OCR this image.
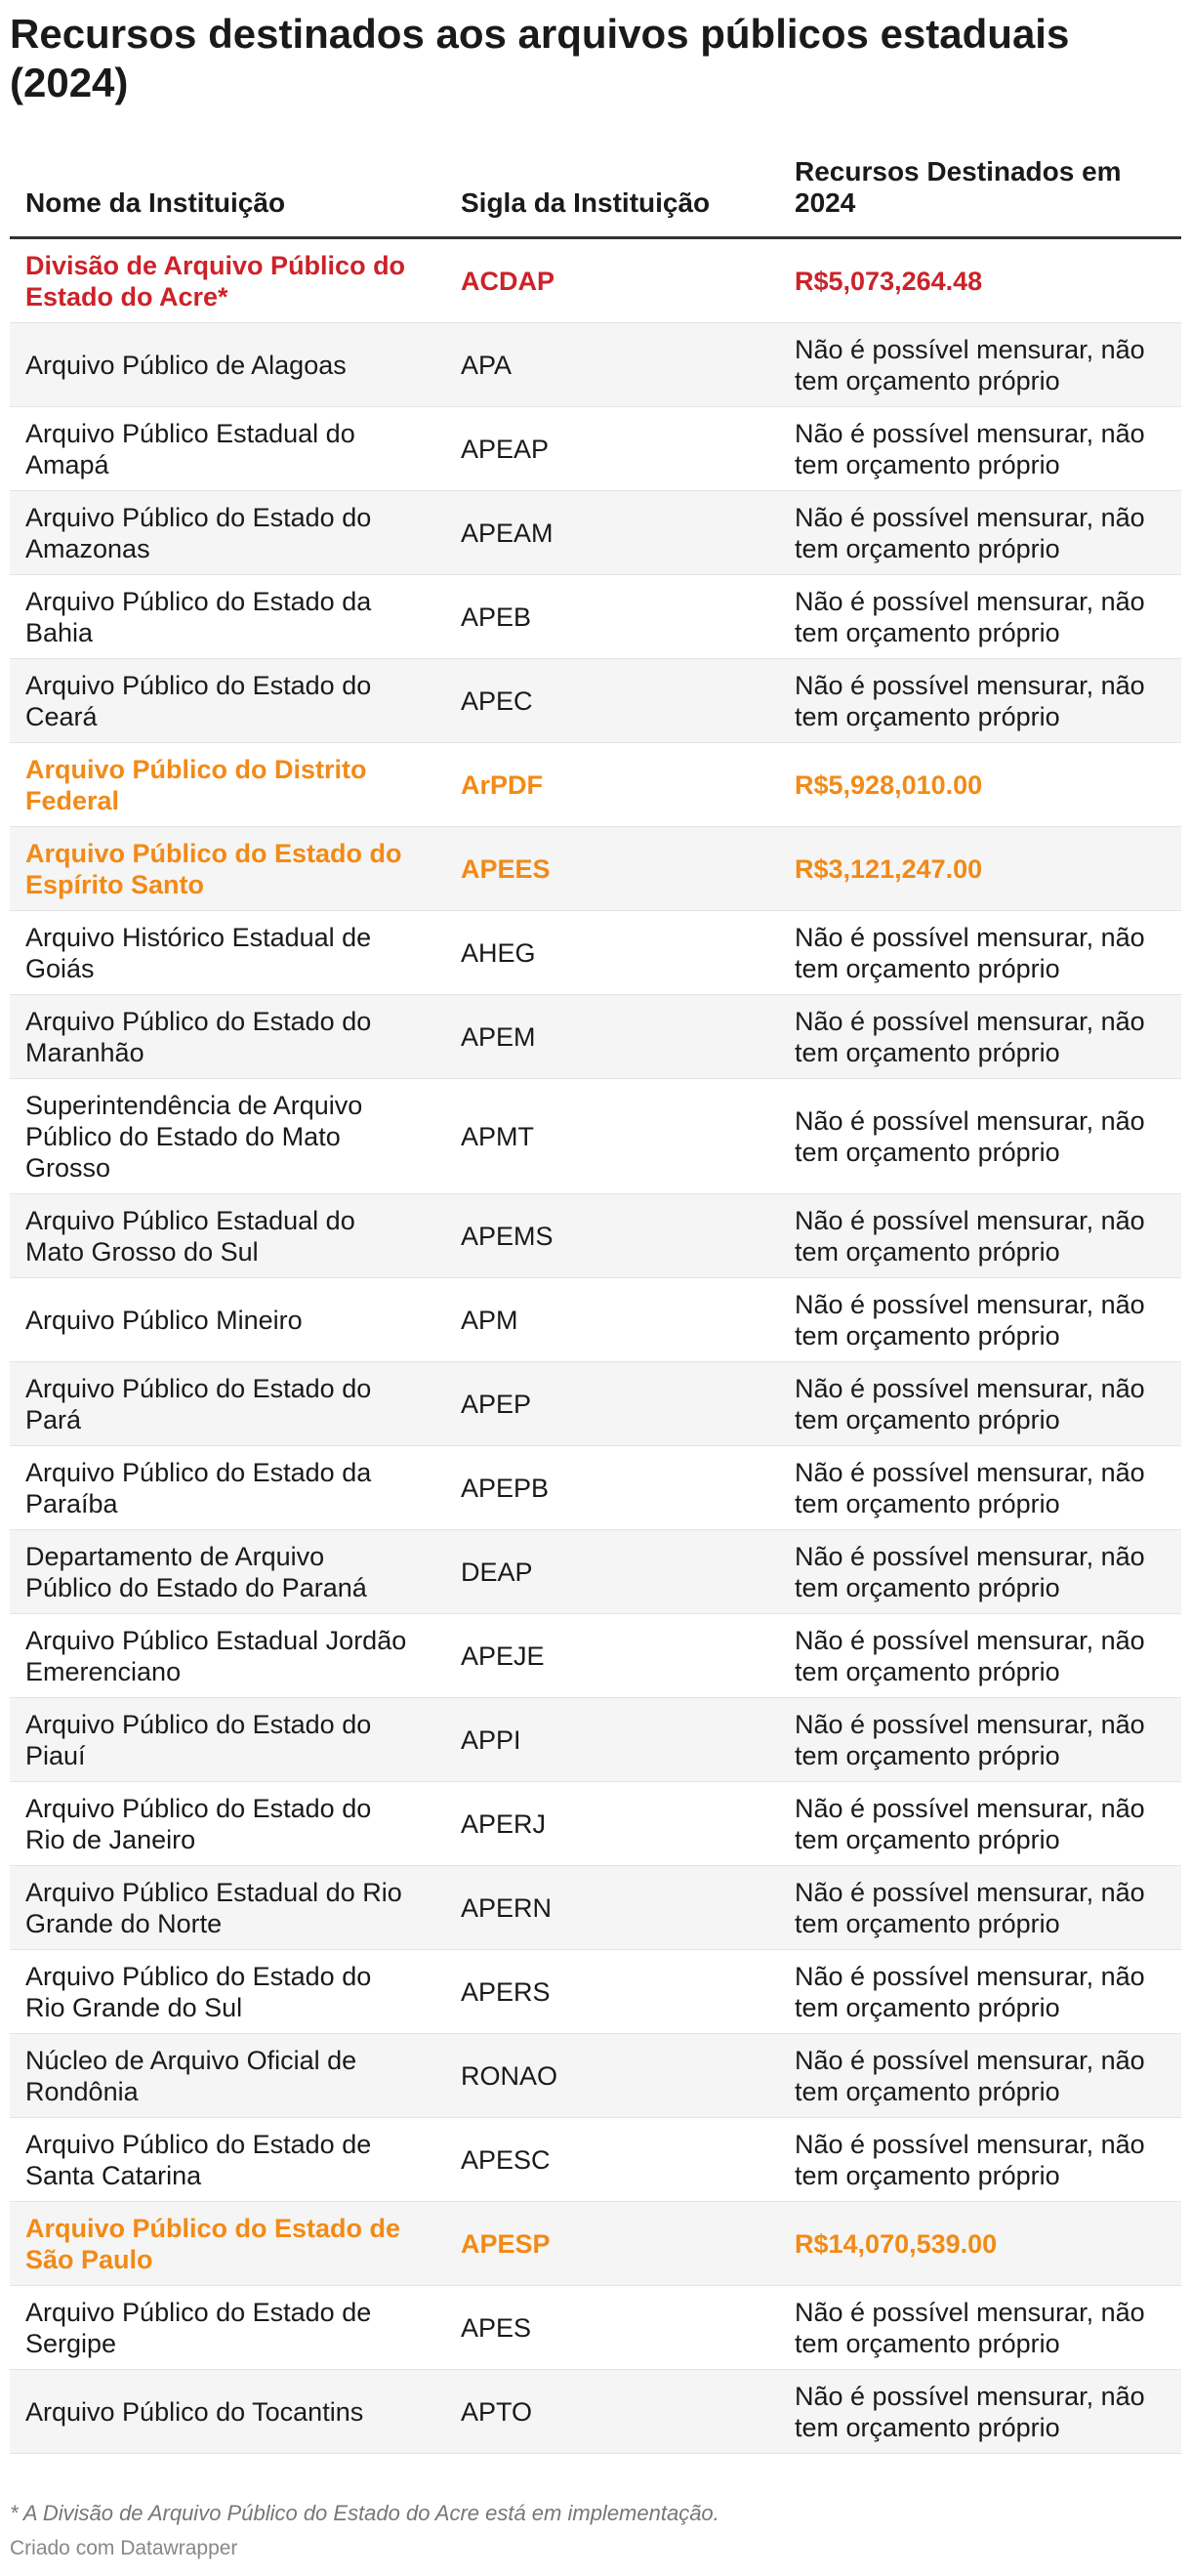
Recursos destinados aos arquivos públicos estaduais (2024)
Nome da Instituição	Sigla da Instituição	Recursos Destinados em 2024
Divisão de Arquivo Público do Estado do Acre*	ACDAP	R$5,073,264.48
Arquivo Público de Alagoas	APA	Não é possível mensurar, não tem orçamento próprio
Arquivo Público Estadual do Amapá	APEAP	Não é possível mensurar, não tem orçamento próprio
Arquivo Público do Estado do Amazonas	APEAM	Não é possível mensurar, não tem orçamento próprio
Arquivo Público do Estado da Bahia	APEB	Não é possível mensurar, não tem orçamento próprio
Arquivo Público do Estado do Ceará	APEC	Não é possível mensurar, não tem orçamento próprio
Arquivo Público do Distrito Federal	ArPDF	R$5,928,010.00
Arquivo Público do Estado do Espírito Santo	APEES	R$3,121,247.00
Arquivo Histórico Estadual de Goiás	AHEG	Não é possível mensurar, não tem orçamento próprio
Arquivo Público do Estado do Maranhão	APEM	Não é possível mensurar, não tem orçamento próprio
Superintendência de Arquivo Público do Estado do Mato Grosso	APMT	Não é possível mensurar, não tem orçamento próprio
Arquivo Público Estadual do Mato Grosso do Sul	APEMS	Não é possível mensurar, não tem orçamento próprio
Arquivo Público Mineiro	APM	Não é possível mensurar, não tem orçamento próprio
Arquivo Público do Estado do Pará	APEP	Não é possível mensurar, não tem orçamento próprio
Arquivo Público do Estado da Paraíba	APEPB	Não é possível mensurar, não tem orçamento próprio
Departamento de Arquivo Público do Estado do Paraná	DEAP	Não é possível mensurar, não tem orçamento próprio
Arquivo Público Estadual Jordão Emerenciano	APEJE	Não é possível mensurar, não tem orçamento próprio
Arquivo Público do Estado do Piauí	APPI	Não é possível mensurar, não tem orçamento próprio
Arquivo Público do Estado do Rio de Janeiro	APERJ	Não é possível mensurar, não tem orçamento próprio
Arquivo Público Estadual do Rio Grande do Norte	APERN	Não é possível mensurar, não tem orçamento próprio
Arquivo Público do Estado do Rio Grande do Sul	APERS	Não é possível mensurar, não tem orçamento próprio
Núcleo de Arquivo Oficial de Rondônia	RONAO	Não é possível mensurar, não tem orçamento próprio
Arquivo Público do Estado de Santa Catarina	APESC	Não é possível mensurar, não tem orçamento próprio
Arquivo Público do Estado de São Paulo	APESP	R$14,070,539.00
Arquivo Público do Estado de Sergipe	APES	Não é possível mensurar, não tem orçamento próprio
Arquivo Público do Tocantins	APTO	Não é possível mensurar, não tem orçamento próprio
* A Divisão de Arquivo Público do Estado do Acre está em implementação.
Criado com Datawrapper
